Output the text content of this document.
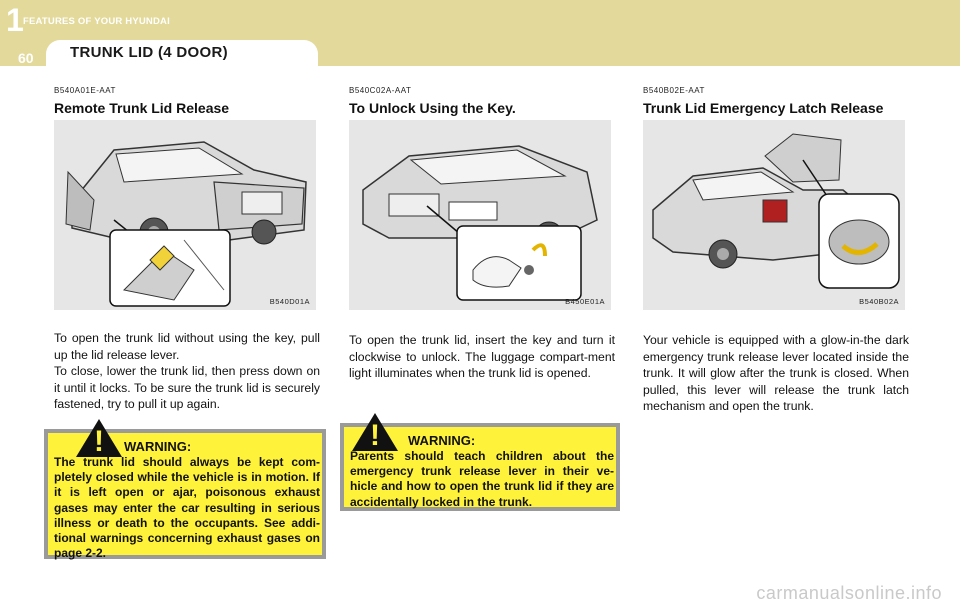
1 FEATURES OF YOUR HYUNDAI
60 TRUNK LID (4 DOOR)

B540A01E-AAT

Remote Trunk Lid Release

B540D01A

To open the trunk lid without using the key, pull up the lid release lever.
To close, lower the trunk lid, then press down on it until it locks. To be sure the trunk lid is securely fastened, try to pull it up again.

B540C02A-AAT

To Unlock Using the Key.

B450E01A

To open the trunk lid, insert the key and turn it clockwise to unlock. The luggage compart-ment light illuminates when the trunk lid is opened.

B540B02E-AAT

Trunk Lid Emergency Latch Release

B540B02A

Your vehicle is equipped with a glow-in-the dark emergency trunk release lever located inside the trunk. It will glow after the trunk is closed. When pulled, this lever will release the trunk latch mechanism and open the trunk.

! WARNING:

The trunk lid should always be kept com-pletely closed while the vehicle is in motion. If it is left open or ajar, poisonous exhaust gases may enter the car resulting in serious illness or death to the occupants. See addi-tional warnings concerning exhaust gases on page 2-2.

! WARNING:

Parents should teach children about the emergency trunk release lever in their ve-hicle and how to open the trunk lid if they are accidentally locked in the trunk.

carmanualsonline.info
